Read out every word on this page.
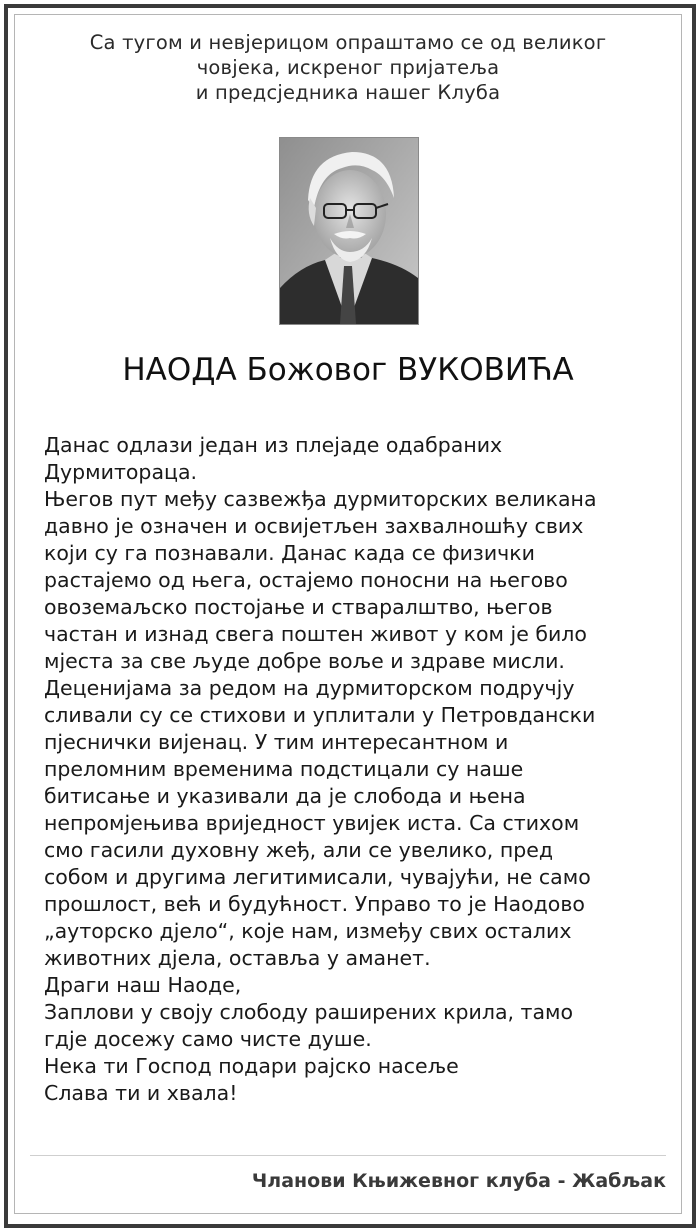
Са тугом и невјерицом опраштамо се од великог
човјека, искреног пријатеља
и предсједника нашег Клуба
НАОДА Божовог ВУКОВИЋА
Данас одлази један из плејаде одабраних
Дурмитораца.
Његов пут међу сазвежђа дурмиторских великана
давно је означен и освијетљен захвалношћу свих
који су га познавали. Данас када се физички
растајемо од њега, остајемо поносни на његово
овоземаљско постојање и стваралштво, његов
частан и изнад свега поштен живот у ком је било
мјеста за све људе добре воље и здраве мисли.
Деценијама за редом на дурмиторском подручју
сливали су се стихови и уплитали у Петровдански
пјеснички вијенац. У тим интересантном и
преломним временима подстицали су наше
битисање и указивали да је слобода и њена
непромјењива вриједност увијек иста. Са стихом
смо гасили духовну жеђ, али се увелико, пред
собом и другима легитимисали, чувајући, не само
прошлост, већ и будућност. Управо то је Наодово
„ауторско дјело“, које нам, између свих осталих
животних дјела, оставља у аманет.
Драги наш Наоде,
Заплови у своју слободу раширених крила, тамо
гдје досежу само чисте душе.
Нека ти Господ подари рајско насеље
Слава ти и хвала!
Чланови Књижевног клуба - Жабљак
